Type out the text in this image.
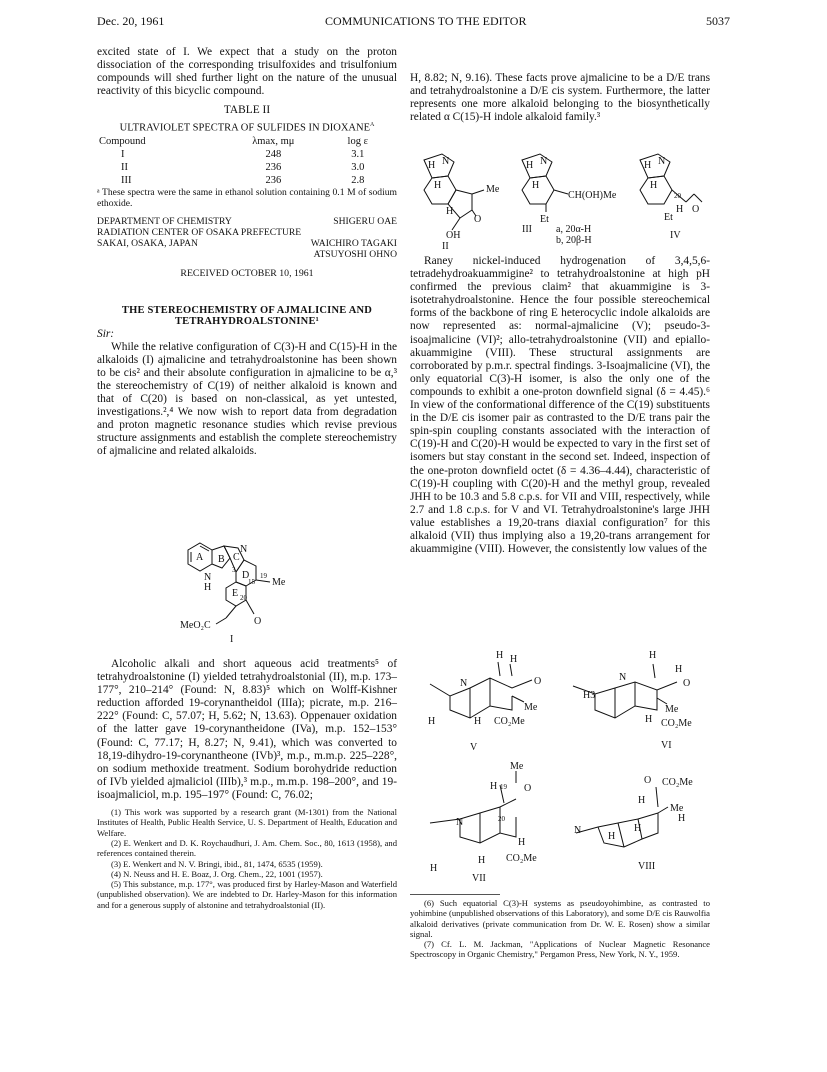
Dec. 20, 1961	COMMUNICATIONS TO THE EDITOR	5037

excited state of I. We expect that a study on the proton dissociation of the corresponding trisulfoxides and trisulfonium compounds will shed further light on the nature of the unusual reactivity of this bicyclic compound.

TABLE II
ULTRAVIOLET SPECTRA OF SULFIDES IN DIOXANE$^a$
Compound	λmax, mμ	log ε
I	248	3.1
II	236	3.0
III	236	2.8

ᵃ These spectra were the same in ethanol solution containing 0.1 M of sodium ethoxide.

DEPARTMENT OF CHEMISTRY	SHIGERU OAE
RADIATION CENTER OF OSAKA PREFECTURE
SAKAI, OSAKA, JAPAN	WAICHIRO TAGAKI
ATSUYOSHI OHNO
RECEIVED OCTOBER 10, 1961
THE STEREOCHEMISTRY OF AJMALICINE AND TETRAHYDROALSTONINE¹
Sir:

While the relative configuration of C(3)-H and C(15)-H in the alkaloids (I) ajmalicine and tetrahydroalstonine has been shown to be cis² and their absolute configuration in ajmalicine to be α,³ the stereochemistry of C(19) of neither alkaloid is known and that of C(20) is based on non-classical, as yet untested, investigations.²,⁴ We now wish to report data from degradation and proton magnetic resonance studies which revise previous structure assignments and establish the complete stereochemistry of ajmalicine and related alkaloids.

A B C
D
E
N
N
H
3
15
19
20
Me
MeO₂C	O
I

Alcoholic alkali and short aqueous acid treatments⁵ of tetrahydroalstonine (I) yielded tetrahydroalstonial (II), m.p. 173–177°, 210–214° (Found: N, 8.83)⁵ which on Wolff-Kishner reduction afforded 19-corynantheidol (IIIa); picrate, m.p. 216–222° (Found: C, 57.07; H, 5.62; N, 13.63). Oppenauer oxidation of the latter gave 19-corynantheidone (IVa), m.p. 152–153° (Found: C, 77.17; H, 8.27; N, 9.41), which was converted to 18,19-dihydro-19-corynantheone (IVb)³, m.p., m.m.p. 225–228°, on sodium methoxide treatment. Sodium borohydride reduction of IVb yielded ajmaliciol (IIIb),³ m.p., m.m.p. 198–200°, and 19-isoajmaliciol, m.p. 195–197° (Found: C, 76.02;

(1) This work was supported by a research grant (M-1301) from the National Institutes of Health, Public Health Service, U. S. Department of Health, Education and Welfare.

(2) E. Wenkert and D. K. Roychaudhuri, J. Am. Chem. Soc., 80, 1613 (1958), and references contained therein.

(3) E. Wenkert and N. V. Bringi, ibid., 81, 1474, 6535 (1959).

(4) N. Neuss and H. E. Boaz, J. Org. Chem., 22, 1001 (1957).

(5) This substance, m.p. 177°, was produced first by Harley-Mason and Waterfield (unpublished observation). We are indebted to Dr. Harley-Mason for this information and for a generous supply of alstonine and tetrahydroalstonial (II).

H, 8.82; N, 9.16). These facts prove ajmalicine to be a D/E trans and tetrahydroalstonine a D/E cis system. Furthermore, the latter represents one more alkaloid belonging to the biosynthetically related α C(15)-H indole alkaloid family.³

H N
H
H
Me
O
OH
II
H N
H
CH(OH)Me
Et
III a, 20α-H
b, 20β-H
H N
H
20
Et
H O
IV

Raney nickel-induced hydrogenation of 3,4,5,6-tetradehydroakuammigine² to tetrahydroalstonine at high pH confirmed the previous claim² that akuammigine is 3-isotetrahydroalstonine. Hence the four possible stereochemical forms of the backbone of ring E heterocyclic indole alkaloids are now represented as: normal-ajmalicine (V); pseudo-3-isoajmalicine (VI)²; allo-tetrahydroalstonine (VII) and epiallo-akuammigine (VIII). These structural assignments are corroborated by p.m.r. spectral findings. 3-Isoajmalicine (VI), the only equatorial C(3)-H isomer, is also the only one of the compounds to exhibit a one-proton downfield signal (δ = 4.45).⁶ In view of the conformational difference of the C(19) substituents in the D/E cis isomer pair as contrasted to the D/E trans pair the spin-spin coupling constants associated with the interaction of C(19)-H and C(20)-H would be expected to vary in the first set of isomers but stay constant in the second set. Indeed, inspection of the one-proton downfield octet (δ = 4.36–4.44), characteristic of C(19)-H coupling with C(20)-H and the methyl group, revealed JHH to be 10.3 and 5.8 c.p.s. for VII and VIII, respectively, while 2.7 and 1.8 c.p.s. for V and VI. Tetrahydroalstonine's large JHH value establishes a 19,20-trans diaxial configuration⁷ for this alkaloid (VII) thus implying also a 19,20-trans arrangement for akuammigine (VIII). However, the consistently low values of the

H H
N	O
Me
H	H CO₂Me
V
H
H
N
O
H3
Me
H CO₂Me
VI
Me
H 19 O
N	20
H
H
H CO₂Me
VII
O CO₂Me
H
Me
H
N
H
H
VIII

(6) Such equatorial C(3)-H systems as pseudoyohimbine, as contrasted to yohimbine (unpublished observations of this Laboratory), and some D/E cis Rauwolfia alkaloid derivatives (private communication from Dr. W. E. Rosen) show a similar signal.

(7) Cf. L. M. Jackman, "Applications of Nuclear Magnetic Resonance Spectroscopy in Organic Chemistry," Pergamon Press, New York, N. Y., 1959.
